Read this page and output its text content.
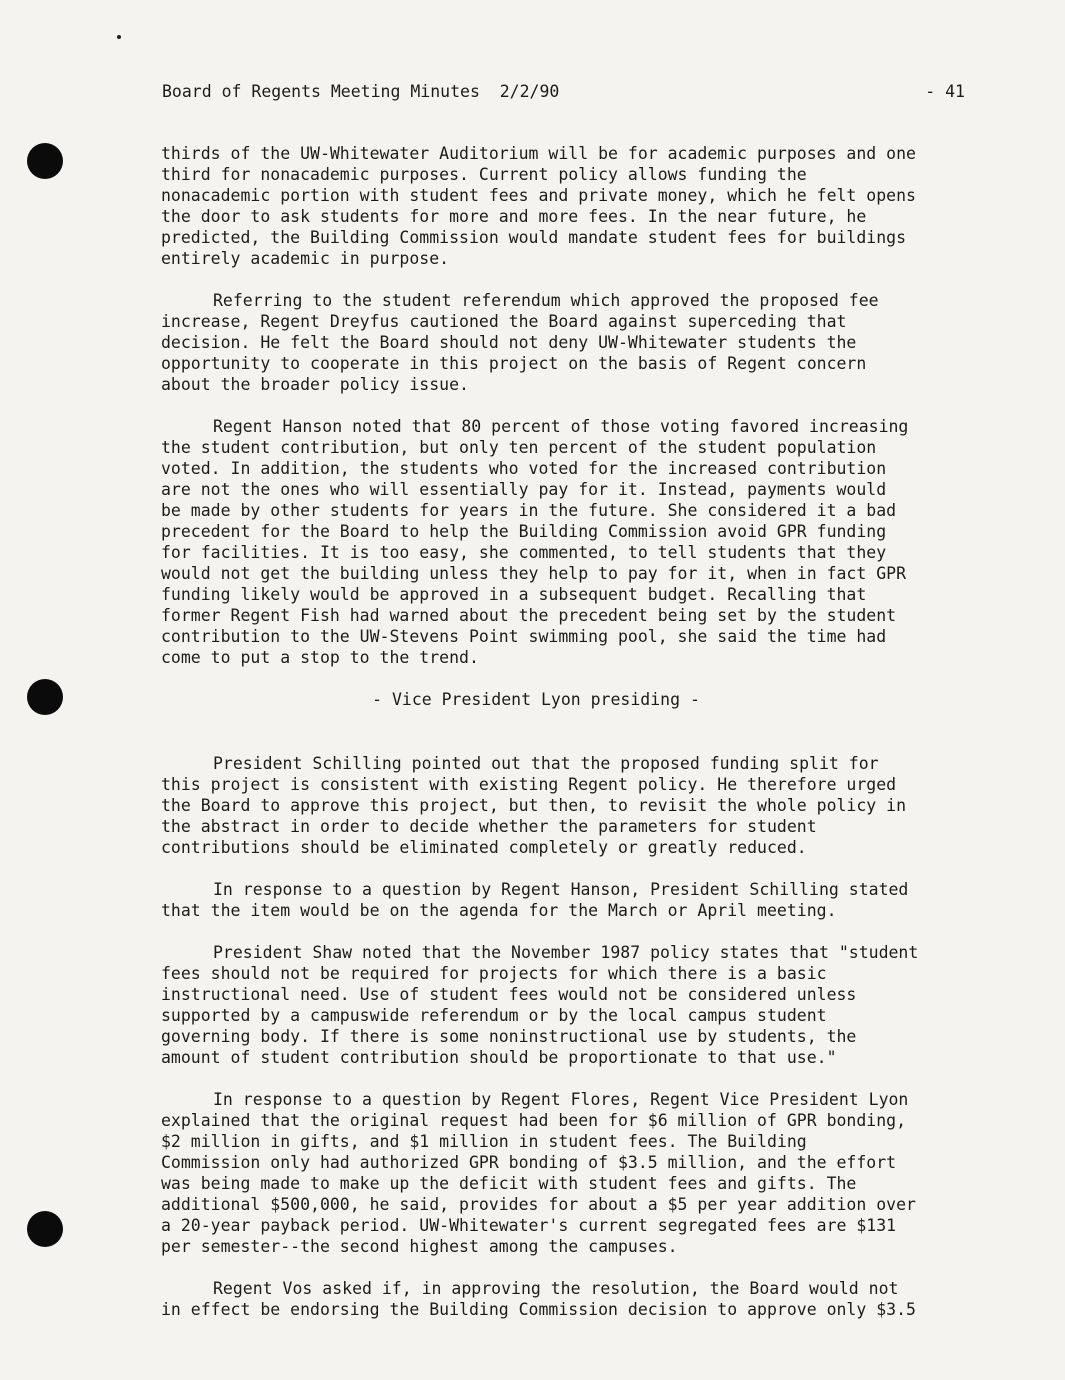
Board of Regents Meeting Minutes  2/2/90	- 41

thirds of the UW-Whitewater Auditorium will be for academic purposes and one
third for nonacademic purposes. Current policy allows funding the
nonacademic portion with student fees and private money, which he felt opens
the door to ask students for more and more fees. In the near future, he
predicted, the Building Commission would mandate student fees for buildings
entirely academic in purpose.

Referring to the student referendum which approved the proposed fee
increase, Regent Dreyfus cautioned the Board against superceding that
decision. He felt the Board should not deny UW-Whitewater students the
opportunity to cooperate in this project on the basis of Regent concern
about the broader policy issue.

Regent Hanson noted that 80 percent of those voting favored increasing
the student contribution, but only ten percent of the student population
voted. In addition, the students who voted for the increased contribution
are not the ones who will essentially pay for it. Instead, payments would
be made by other students for years in the future. She considered it a bad
precedent for the Board to help the Building Commission avoid GPR funding
for facilities. It is too easy, she commented, to tell students that they
would not get the building unless they help to pay for it, when in fact GPR
funding likely would be approved in a subsequent budget. Recalling that
former Regent Fish had warned about the precedent being set by the student
contribution to the UW-Stevens Point swimming pool, she said the time had
come to put a stop to the trend.

- Vice President Lyon presiding -

President Schilling pointed out that the proposed funding split for
this project is consistent with existing Regent policy. He therefore urged
the Board to approve this project, but then, to revisit the whole policy in
the abstract in order to decide whether the parameters for student
contributions should be eliminated completely or greatly reduced.

In response to a question by Regent Hanson, President Schilling stated
that the item would be on the agenda for the March or April meeting.

President Shaw noted that the November 1987 policy states that "student
fees should not be required for projects for which there is a basic
instructional need. Use of student fees would not be considered unless
supported by a campuswide referendum or by the local campus student
governing body. If there is some noninstructional use by students, the
amount of student contribution should be proportionate to that use."

In response to a question by Regent Flores, Regent Vice President Lyon
explained that the original request had been for $6 million of GPR bonding,
$2 million in gifts, and $1 million in student fees. The Building
Commission only had authorized GPR bonding of $3.5 million, and the effort
was being made to make up the deficit with student fees and gifts. The
additional $500,000, he said, provides for about a $5 per year addition over
a 20-year payback period. UW-Whitewater's current segregated fees are $131
per semester--the second highest among the campuses.

Regent Vos asked if, in approving the resolution, the Board would not
in effect be endorsing the Building Commission decision to approve only $3.5
